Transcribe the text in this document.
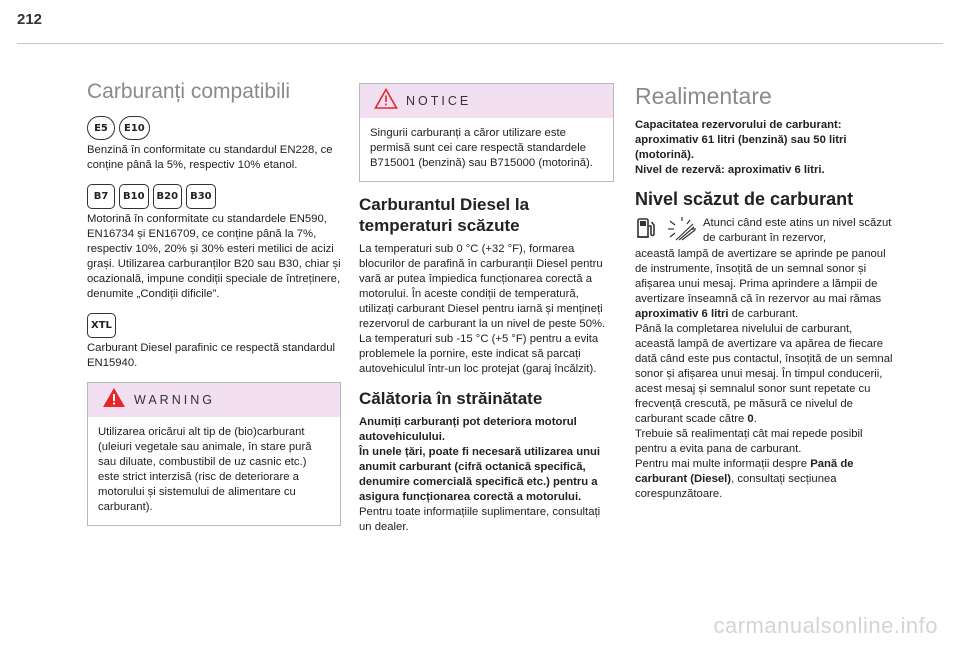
212
Carburanți compatibili
E5	E10
Benzină în conformitate cu standardul EN228, ce conține până la 5%, respectiv 10% etanol.
B7	B10	B20	B30
Motorină în conformitate cu standardele EN590, EN16734 și EN16709, ce conține până la 7%, respectiv 10%, 20% și 30% esteri metilici de acizi grași. Utilizarea carburanților B20 sau B30, chiar și ocazională, impune condiții speciale de întreținere, denumite „Condiții dificile”.
XTL
Carburant Diesel parafinic ce respectă standardul EN15940.
WARNING
Utilizarea oricărui alt tip de (bio)carburant (uleiuri vegetale sau animale, în stare pură sau diluate, combustibil de uz casnic etc.) este strict interzisă (risc de deteriorare a motorului și sistemului de alimentare cu carburant).
NOTICE
Singurii carburanți a căror utilizare este permisă sunt cei care respectă standardele B715001 (benzină) sau B715000 (motorină).
Carburantul Diesel la temperaturi scăzute
La temperaturi sub 0 °C (+32 °F), formarea blocurilor de parafină în carburanții Diesel pentru vară ar putea împiedica funcționarea corectă a motorului. În aceste condiții de temperatură, utilizați carburant Diesel pentru iarnă și mențineți rezervorul de carburant la un nivel de peste 50%.
La temperaturi sub -15 °C (+5 °F) pentru a evita problemele la pornire, este indicat să parcați autovehiculul într-un loc protejat (garaj încălzit).
Călătoria în străinătate
Anumiți carburanți pot deteriora motorul autovehiculului.
În unele țări, poate fi necesară utilizarea unui anumit carburant (cifră octanică specifică, denumire comercială specifică etc.) pentru a asigura funcționarea corectă a motorului.
Pentru toate informațiile suplimentare, consultați un dealer.
Realimentare
Capacitatea rezervorului de carburant: aproximativ 61 litri (benzină) sau 50 litri (motorină).
Nivel de rezervă: aproximativ 6 litri.
Nivel scăzut de carburant
Atunci când este atins un nivel scăzut de carburant în rezervor,
această lampă de avertizare se aprinde pe panoul de instrumente, însoțită de un semnal sonor și afișarea unui mesaj. Prima aprindere a lămpii de avertizare înseamnă că în rezervor au mai rămas aproximativ 6 litri de carburant.
Până la completarea nivelului de carburant, această lampă de avertizare va apărea de fiecare dată când este pus contactul, însoțită de un semnal sonor și afișarea unui mesaj. În timpul conducerii, acest mesaj și semnalul sonor sunt repetate cu frecvență crescută, pe măsură ce nivelul de carburant scade către 0.
Trebuie să realimentați cât mai repede posibil pentru a evita pana de carburant.
Pentru mai multe informații despre Pană de carburant (Diesel), consultați secțiunea corespunzătoare.
carmanualsonline.info
